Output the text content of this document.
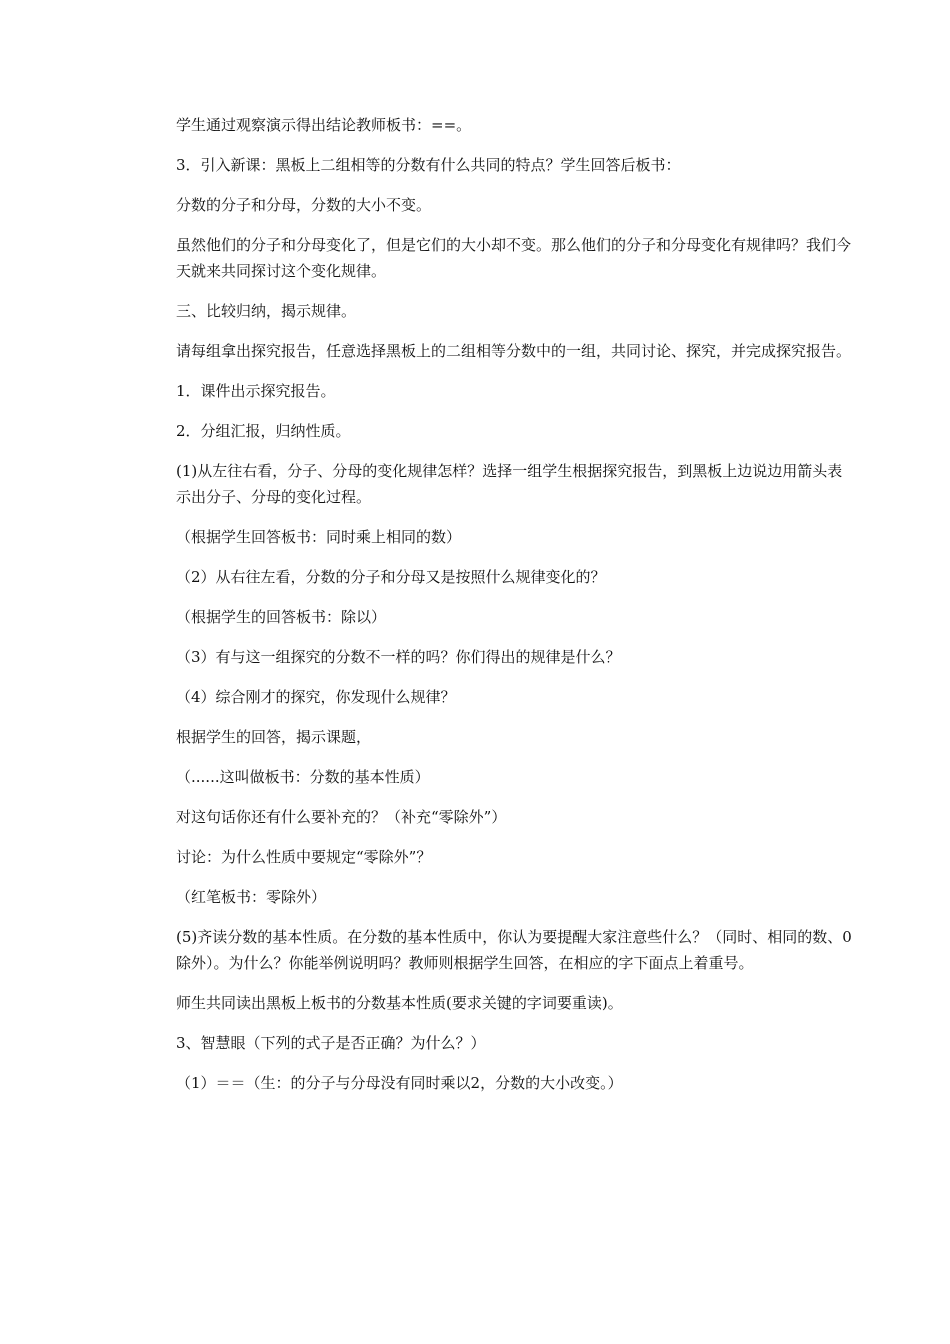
学生通过观察演示得出结论教师板书：==。

3．引入新课：黑板上二组相等的分数有什么共同的特点？学生回答后板书：

分数的分子和分母，分数的大小不变。

虽然他们的分子和分母变化了，但是它们的大小却不变。那么他们的分子和分母变化有规律吗？我们今天就来共同探讨这个变化规律。

三、比较归纳，揭示规律。

请每组拿出探究报告，任意选择黑板上的二组相等分数中的一组，共同讨论、探究，并完成探究报告。

1．课件出示探究报告。

2．分组汇报，归纳性质。

(1)从左往右看，分子、分母的变化规律怎样？选择一组学生根据探究报告，到黑板上边说边用箭头表示出分子、分母的变化过程。

（根据学生回答板书：同时乘上相同的数）

（2）从右往左看，分数的分子和分母又是按照什么规律变化的？

（根据学生的回答板书：除以）

（3）有与这一组探究的分数不一样的吗？你们得出的规律是什么？

（4）综合刚才的探究，你发现什么规律？

根据学生的回答，揭示课题，

（......这叫做板书：分数的基本性质）

对这句话你还有什么要补充的？（补充“零除外”）

讨论：为什么性质中要规定“零除外”？

（红笔板书：零除外）

(5)齐读分数的基本性质。在分数的基本性质中，你认为要提醒大家注意些什么？（同时、相同的数、0除外）。为什么？你能举例说明吗？教师则根据学生回答，在相应的字下面点上着重号。

师生共同读出黑板上板书的分数基本性质(要求关键的字词要重读)。

3、智慧眼（下列的式子是否正确？为什么？）

（1）＝＝（生：的分子与分母没有同时乘以2，分数的大小改变。）
